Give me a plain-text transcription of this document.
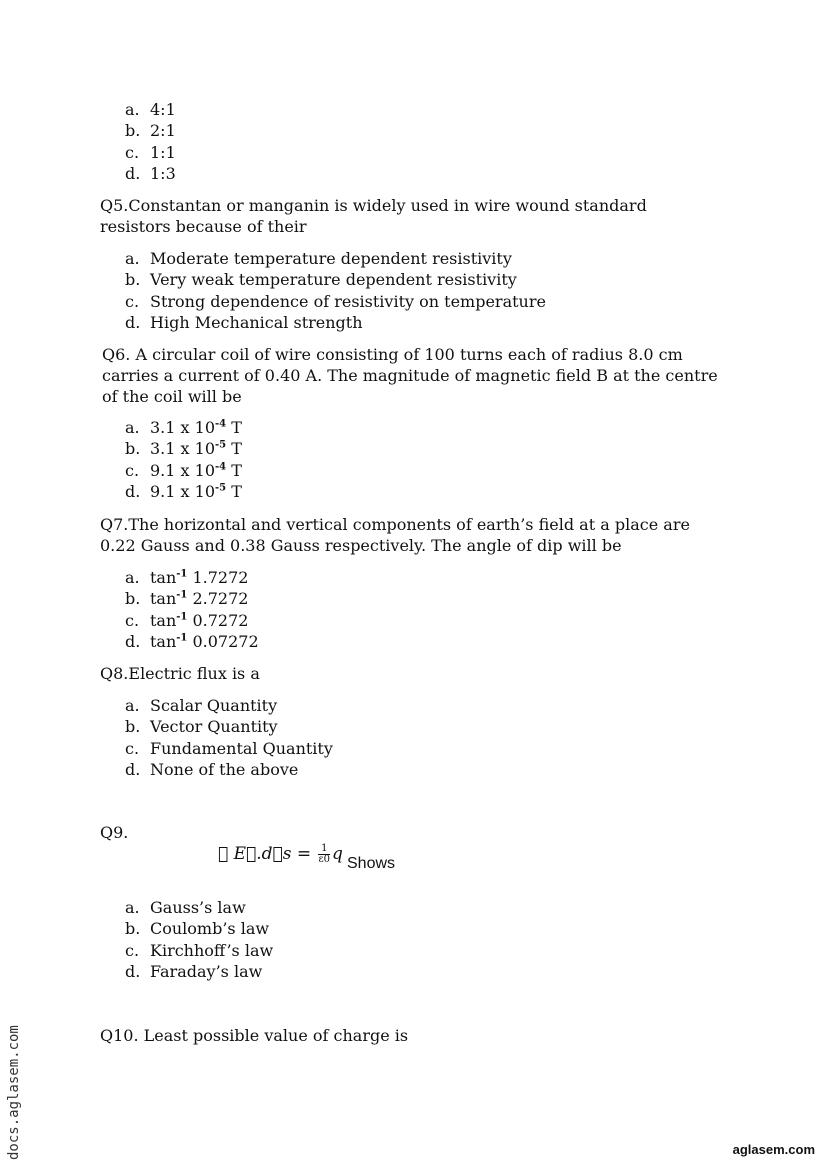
a. 4:1
b. 2:1
c. 1:1
d. 1:3

Q5.Constantan or manganin is widely used in wire wound standard resistors because of their

a. Moderate temperature dependent resistivity
b. Very weak temperature dependent resistivity
c. Strong dependence of resistivity on temperature
d. High Mechanical strength

Q6. A circular coil of wire consisting of 100 turns each of radius 8.0 cm carries a current of 0.40 A. The magnitude of magnetic field B at the centre of the coil will be

a. 3.1 x $10^{-4}$ T
b. 3.1 x $10^{-5}$ T
c. 9.1 x $10^{-4}$ T
d. 9.1 x $10^{-5}$ T

Q7.The horizontal and vertical components of earth’s field at a place are 0.22 Gauss and 0.38 Gauss respectively. The angle of dip will be

a. $\tan^{-1} 1.7272$
b. $\tan^{-1} 2.7272$
c. $\tan^{-1} 0.7272$
d. $\tan^{-1} 0.07272$

Q8.Electric flux is a

a. Scalar Quantity
b. Vector Quantity
c. Fundamental Quantity
d. None of the above

Q9.

∮ E⃗.d⃗s = $\frac{1}{\varepsilon 0}$ q Shows
a. Gauss’s law
b. Coulomb’s law
c. Kirchhoff’s law
d. Faraday’s law

Q10. Least possible value of charge is

docs.aglasem.com	aglasem.com
